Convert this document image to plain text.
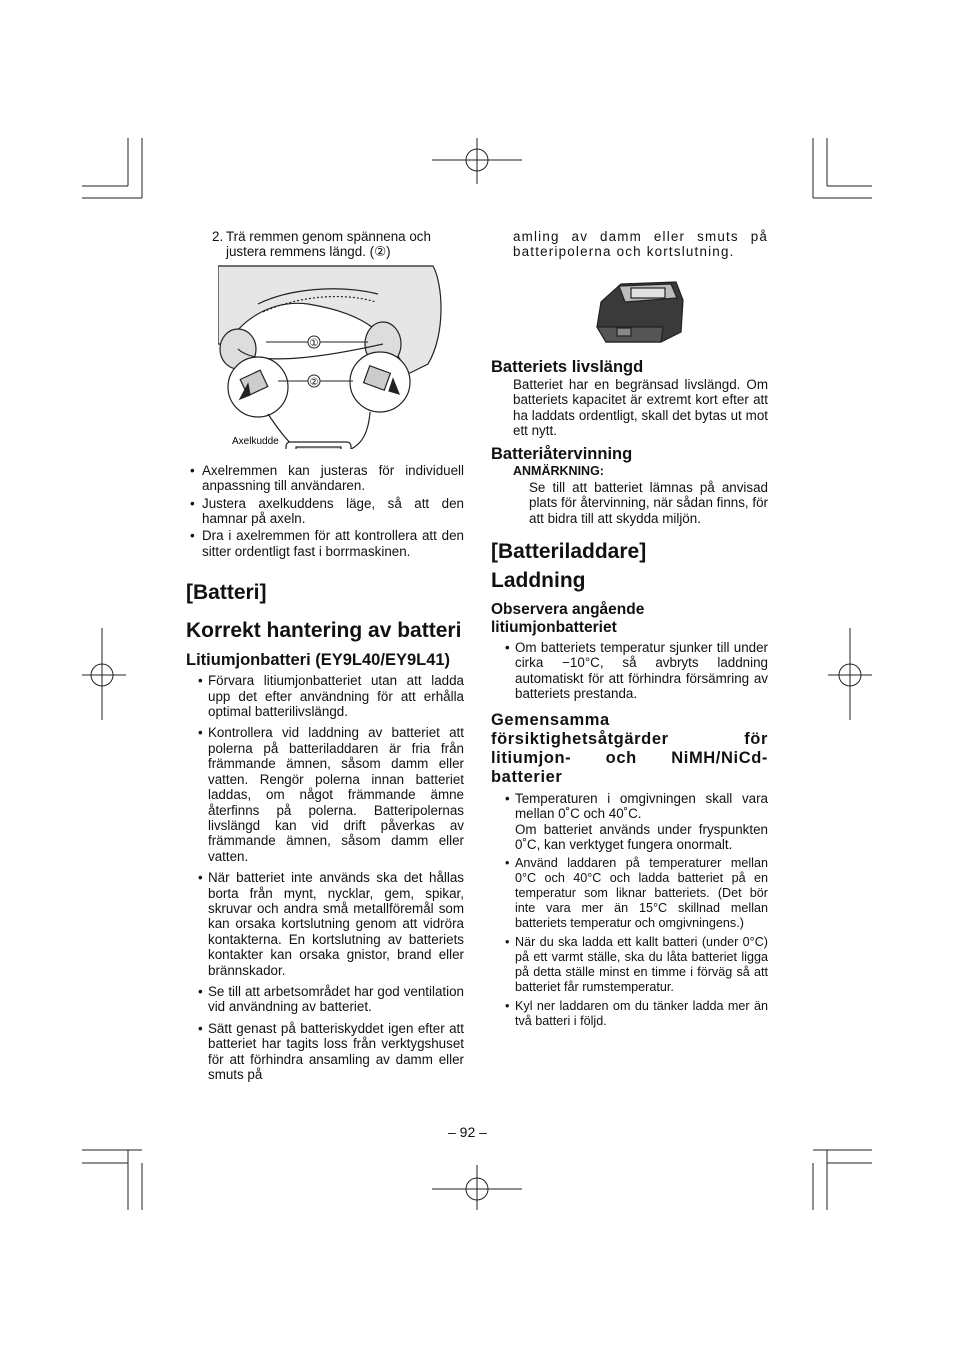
2. Trä remmen genom spännena och justera remmens längd. (②)

①
②
Axelkudde
• Axelremmen kan justeras för individuell anpassning till användaren.
• Justera axelkuddens läge, så att den hamnar på axeln.
• Dra i axelremmen för att kontrollera att den sitter ordentligt fast i borrmaskinen.
[Batteri]
Korrekt hantering av batteri
Litiumjonbatteri (EY9L40/EY9L41)
• Förvara litiumjonbatteriet utan att ladda upp det efter användning för att erhålla optimal batterilivslängd.
• Kontrollera vid laddning av batteriet att polerna på batteriladdaren är fria från främmande ämnen, såsom damm eller vatten. Rengör polerna innan batteriet laddas, om något främmande ämne återfinns på polerna. Batteripolernas livslängd kan vid drift påverkas av främmande ämnen, såsom damm eller vatten.
• När batteriet inte används ska det hållas borta från mynt, nycklar, gem, spikar, skruvar och andra små metallföremål som kan orsaka kortslutning genom att vidröra kontakterna. En kortslutning av batteriets kontakter kan orsaka gnistor, brand eller brännskador.
• Se till att arbetsområdet har god ventilation vid användning av batteriet.
• Sätt genast på batteriskyddet igen efter att batteriet har tagits loss från verktygshuset för att förhindra ansamling av damm eller smuts på

amling av damm eller smuts på batteripolerna och kortslutning.

Batteriets livslängd

Batteriet har en begränsad livslängd. Om batteriets kapacitet är extremt kort efter att ha laddats ordentligt, skall det bytas ut mot ett nytt.

Batteriåtervinning
ANMÄRKNING:

Se till att batteriet lämnas på anvisad plats för återvinning, när sådan finns, för att bidra till att skydda miljön.

[Batteriladdare]
Laddning
Observera angående litiumjonbatteriet
• Om batteriets temperatur sjunker till under cirka −10°C, så avbryts laddning automatiskt för att förhindra försämring av batteriets prestanda.
Gemensamma försiktighetsåtgärder för litiumjon- och NiMH/NiCd-batterier
• Temperaturen i omgivningen skall vara mellan 0˚C och 40˚C.
Om batteriet används under fryspunkten 0˚C, kan verktyget fungera onormalt.
• Använd laddaren på temperaturer mellan 0°C och 40°C och ladda batteriet på en temperatur som liknar batteriets. (Det bör inte vara mer än 15°C skillnad mellan batteriets temperatur och omgivningens.)
• När du ska ladda ett kallt batteri (under 0°C) på ett varmt ställe, ska du låta batteriet ligga på detta ställe minst en timme i förväg så att batteriet får rumstemperatur.
• Kyl ner laddaren om du tänker ladda mer än två batteri i följd.
– 92 –
